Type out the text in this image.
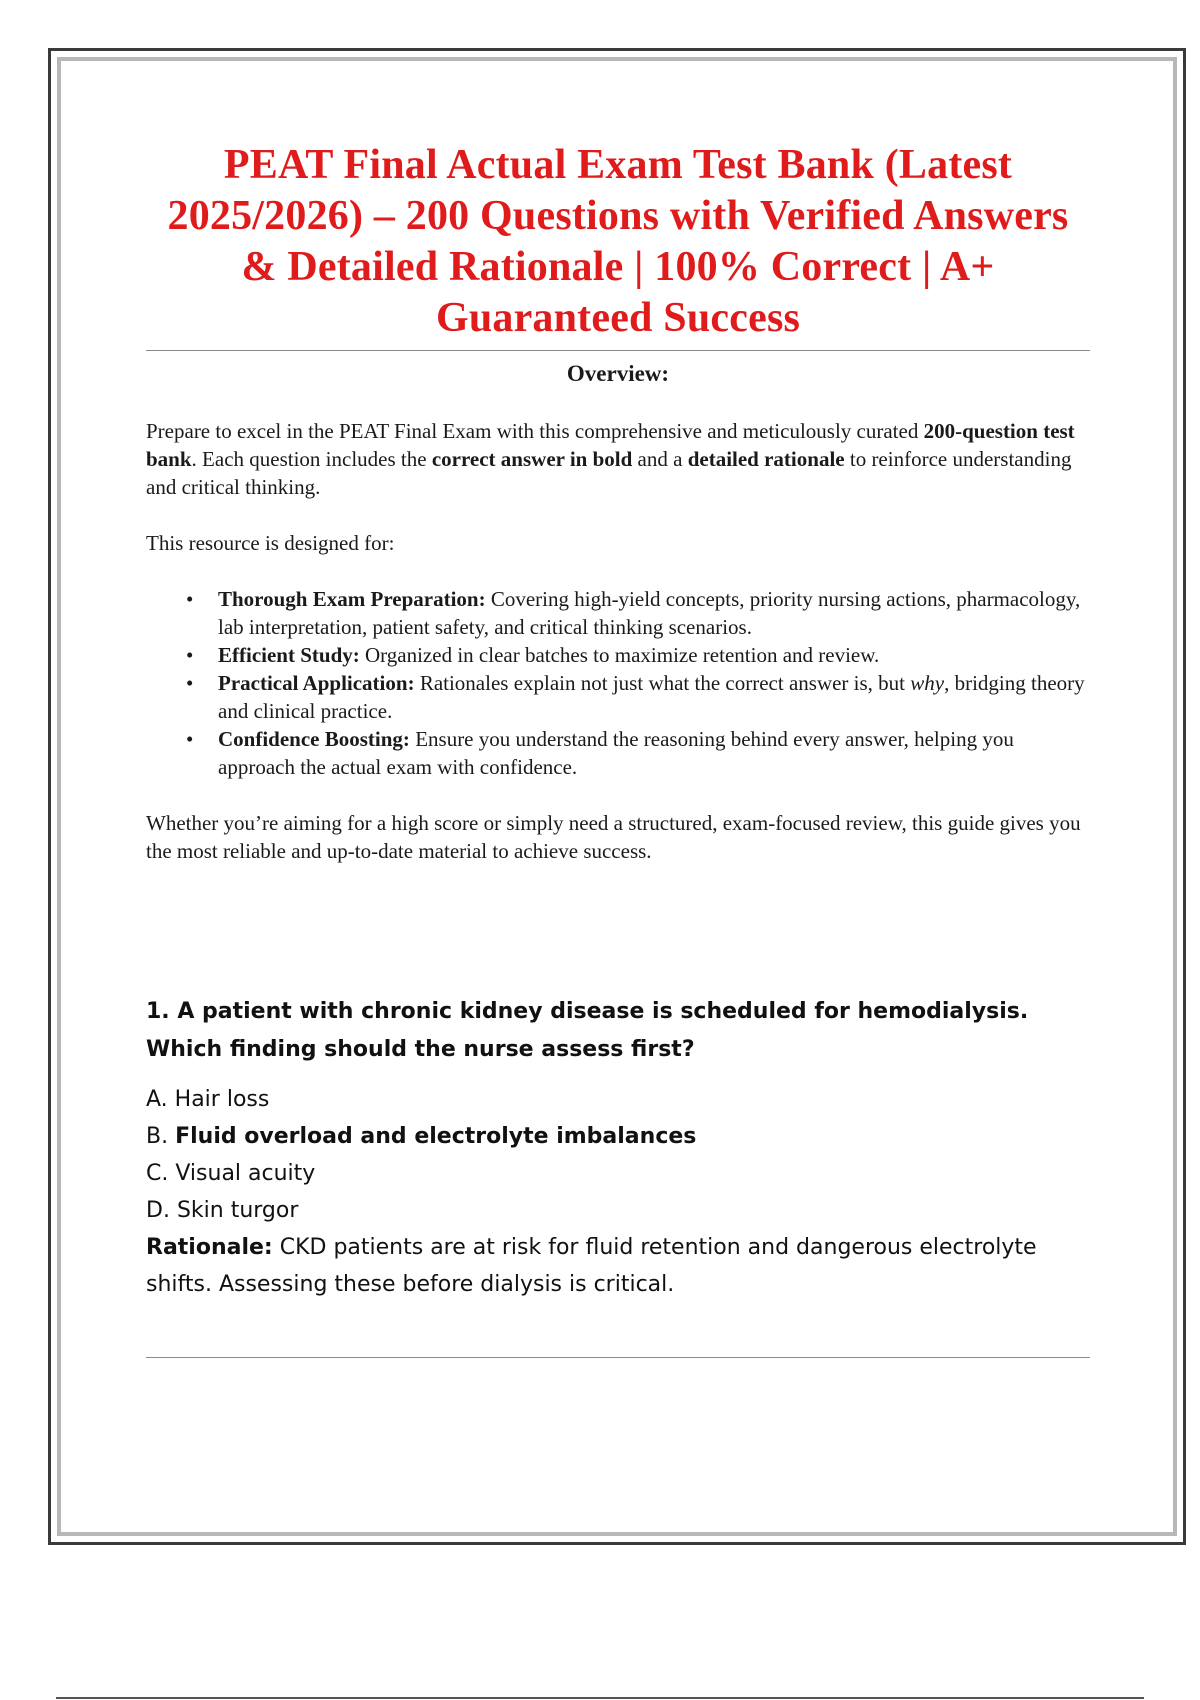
PEAT Final Actual Exam Test Bank (Latest 2025/2026) – 200 Questions with Verified Answers & Detailed Rationale | 100% Correct | A+ Guaranteed Success

Overview:

Prepare to excel in the PEAT Final Exam with this comprehensive and meticulously curated 200-question test bank. Each question includes the correct answer in bold and a detailed rationale to reinforce understanding and critical thinking.

This resource is designed for:

• Thorough Exam Preparation: Covering high-yield concepts, priority nursing actions, pharmacology, lab interpretation, patient safety, and critical thinking scenarios.
• Efficient Study: Organized in clear batches to maximize retention and review.
• Practical Application: Rationales explain not just what the correct answer is, but why, bridging theory and clinical practice.
• Confidence Boosting: Ensure you understand the reasoning behind every answer, helping you approach the actual exam with confidence.

Whether you’re aiming for a high score or simply need a structured, exam-focused review, this guide gives you the most reliable and up-to-date material to achieve success.

1. A patient with chronic kidney disease is scheduled for hemodialysis. Which finding should the nurse assess first?

A. Hair loss
B. Fluid overload and electrolyte imbalances
C. Visual acuity
D. Skin turgor

Rationale: CKD patients are at risk for fluid retention and dangerous electrolyte shifts. Assessing these before dialysis is critical.
